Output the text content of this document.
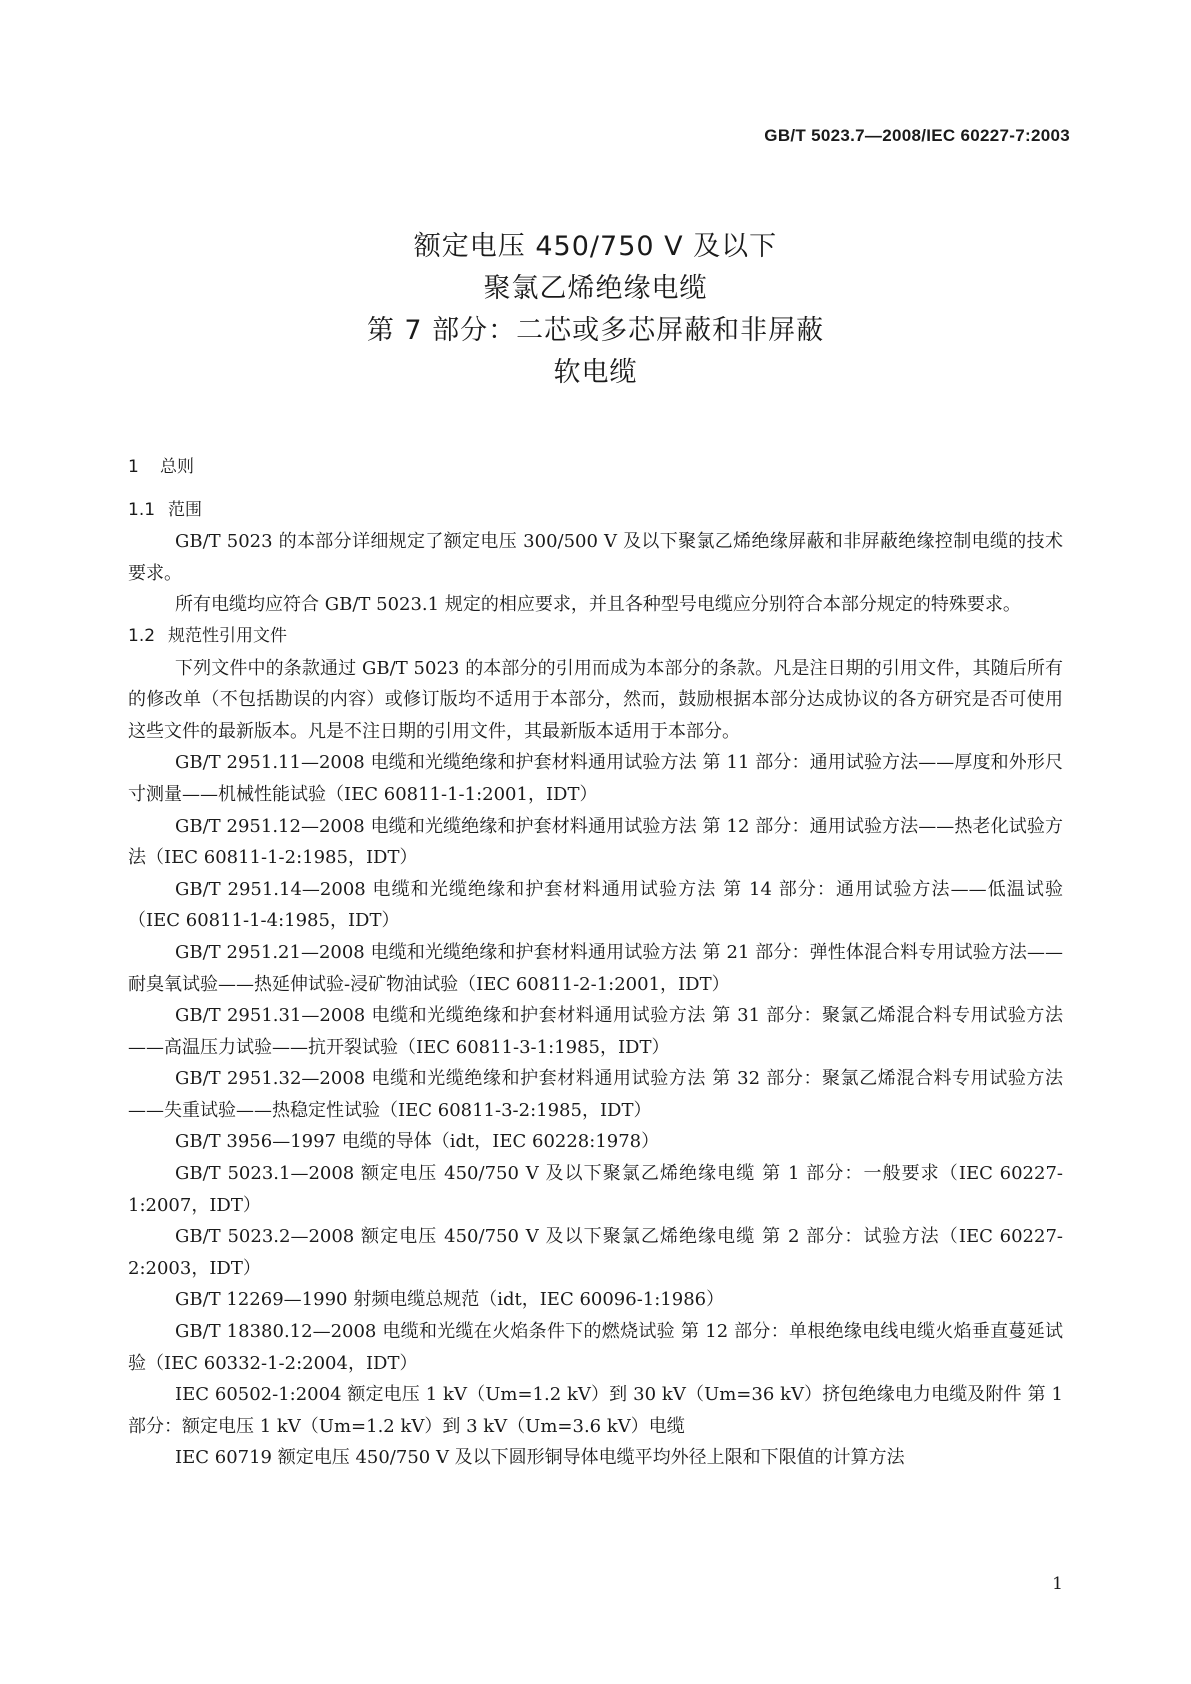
GB/T 5023.7—2008/IEC 60227-7:2003
额定电压 450/750 V 及以下
聚氯乙烯绝缘电缆
第 7 部分：二芯或多芯屏蔽和非屏蔽
软电缆
1 总则
1.1 范围
GB/T 5023 的本部分详细规定了额定电压 300/500 V 及以下聚氯乙烯绝缘屏蔽和非屏蔽绝缘控制电缆的技术要求。
所有电缆均应符合 GB/T 5023.1 规定的相应要求，并且各种型号电缆应分别符合本部分规定的特殊要求。
1.2 规范性引用文件
下列文件中的条款通过 GB/T 5023 的本部分的引用而成为本部分的条款。凡是注日期的引用文件，其随后所有的修改单（不包括勘误的内容）或修订版均不适用于本部分，然而，鼓励根据本部分达成协议的各方研究是否可使用这些文件的最新版本。凡是不注日期的引用文件，其最新版本适用于本部分。
GB/T 2951.11—2008 电缆和光缆绝缘和护套材料通用试验方法 第 11 部分：通用试验方法——厚度和外形尺寸测量——机械性能试验（IEC 60811-1-1:2001，IDT）
GB/T 2951.12—2008 电缆和光缆绝缘和护套材料通用试验方法 第 12 部分：通用试验方法——热老化试验方法（IEC 60811-1-2:1985，IDT）
GB/T 2951.14—2008 电缆和光缆绝缘和护套材料通用试验方法 第 14 部分：通用试验方法——低温试验（IEC 60811-1-4:1985，IDT）
GB/T 2951.21—2008 电缆和光缆绝缘和护套材料通用试验方法 第 21 部分：弹性体混合料专用试验方法——耐臭氧试验——热延伸试验-浸矿物油试验（IEC 60811-2-1:2001，IDT）
GB/T 2951.31—2008 电缆和光缆绝缘和护套材料通用试验方法 第 31 部分：聚氯乙烯混合料专用试验方法——高温压力试验——抗开裂试验（IEC 60811-3-1:1985，IDT）
GB/T 2951.32—2008 电缆和光缆绝缘和护套材料通用试验方法 第 32 部分：聚氯乙烯混合料专用试验方法——失重试验——热稳定性试验（IEC 60811-3-2:1985，IDT）
GB/T 3956—1997 电缆的导体（idt，IEC 60228:1978）
GB/T 5023.1—2008 额定电压 450/750 V 及以下聚氯乙烯绝缘电缆 第 1 部分：一般要求（IEC 60227-1:2007，IDT）
GB/T 5023.2—2008 额定电压 450/750 V 及以下聚氯乙烯绝缘电缆 第 2 部分：试验方法（IEC 60227-2:2003，IDT）
GB/T 12269—1990 射频电缆总规范（idt，IEC 60096-1:1986）
GB/T 18380.12—2008 电缆和光缆在火焰条件下的燃烧试验 第 12 部分：单根绝缘电线电缆火焰垂直蔓延试验（IEC 60332-1-2:2004，IDT）
IEC 60502-1:2004 额定电压 1 kV（Um=1.2 kV）到 30 kV（Um=36 kV）挤包绝缘电力电缆及附件 第 1 部分：额定电压 1 kV（Um=1.2 kV）到 3 kV（Um=3.6 kV）电缆
IEC 60719 额定电压 450/750 V 及以下圆形铜导体电缆平均外径上限和下限值的计算方法
1
